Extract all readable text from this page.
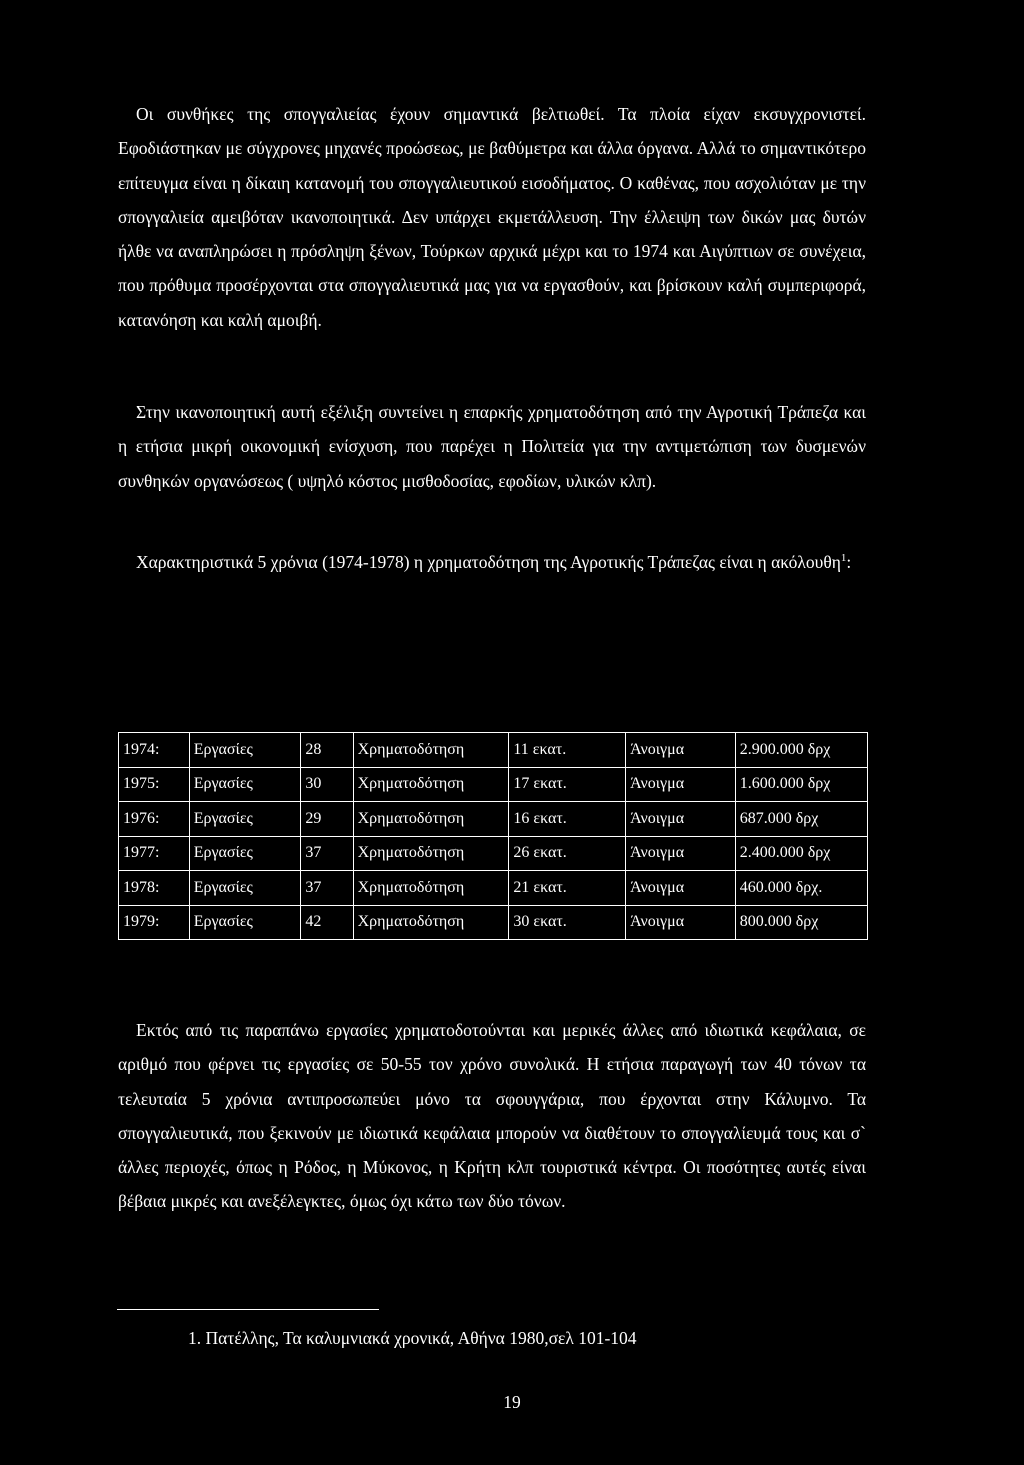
Οι συνθήκες της σπογγαλιείας έχουν σημαντικά βελτιωθεί. Τα πλοία είχαν εκσυγχρονιστεί. Εφοδιάστηκαν με σύγχρονες μηχανές προώσεως, με βαθύμετρα και άλλα όργανα. Αλλά το σημαντικότερο επίτευγμα είναι η δίκαιη κατανομή του σπογγαλιευτικού εισοδήματος. Ο καθένας, που ασχολιόταν με την σπογγαλιεία αμειβόταν ικανοποιητικά. Δεν υπάρχει εκμετάλλευση. Την έλλειψη των δικών μας δυτών ήλθε να αναπληρώσει η πρόσληψη ξένων, Τούρκων αρχικά μέχρι και το 1974 και Αιγύπτιων σε συνέχεια, που πρόθυμα προσέρχονται στα σπογγαλιευτικά μας για να εργασθούν, και βρίσκουν καλή συμπεριφορά, κατανόηση και καλή αμοιβή.

Στην ικανοποιητική αυτή εξέλιξη συντείνει η επαρκής χρηματοδότηση από την Αγροτική Τράπεζα και η ετήσια μικρή οικονομική ενίσχυση, που παρέχει η Πολιτεία για την αντιμετώπιση των δυσμενών συνθηκών οργανώσεως ( υψηλό κόστος μισθοδοσίας, εφοδίων, υλικών κλπ).

Χαρακτηριστικά 5 χρόνια (1974-1978) η χρηματοδότηση της Αγροτικής Τράπεζας είναι η ακόλουθη$^1$:

1974:	Εργασίες	28	Χρηματοδότηση	11 εκατ.	Άνοιγμα	2.900.000 δρχ
1975:	Εργασίες	30	Χρηματοδότηση	17 εκατ.	Άνοιγμα	1.600.000 δρχ
1976:	Εργασίες	29	Χρηματοδότηση	16 εκατ.	Άνοιγμα	687.000 δρχ
1977:	Εργασίες	37	Χρηματοδότηση	26 εκατ.	Άνοιγμα	2.400.000 δρχ
1978:	Εργασίες	37	Χρηματοδότηση	21 εκατ.	Άνοιγμα	460.000 δρχ.
1979:	Εργασίες	42	Χρηματοδότηση	30 εκατ.	Άνοιγμα	800.000 δρχ

Εκτός από τις παραπάνω εργασίες χρηματοδοτούνται και μερικές άλλες από ιδιωτικά κεφάλαια, σε αριθμό που φέρνει τις εργασίες σε 50-55 τον χρόνο συνολικά. Η ετήσια παραγωγή των 40 τόνων τα τελευταία 5 χρόνια αντιπροσωπεύει μόνο τα σφουγγάρια, που έρχονται στην Κάλυμνο. Τα σπογγαλιευτικά, που ξεκινούν με ιδιωτικά κεφάλαια μπορούν να διαθέτουν το σπογγαλίευμά τους και σ` άλλες περιοχές, όπως η Ρόδος, η Μύκονος, η Κρήτη κλπ τουριστικά κέντρα. Οι ποσότητες αυτές είναι βέβαια μικρές και ανεξέλεγκτες, όμως όχι κάτω των δύο τόνων.

1. Πατέλλης, Τα καλυμνιακά χρονικά, Αθήνα 1980,σελ 101-104

19
